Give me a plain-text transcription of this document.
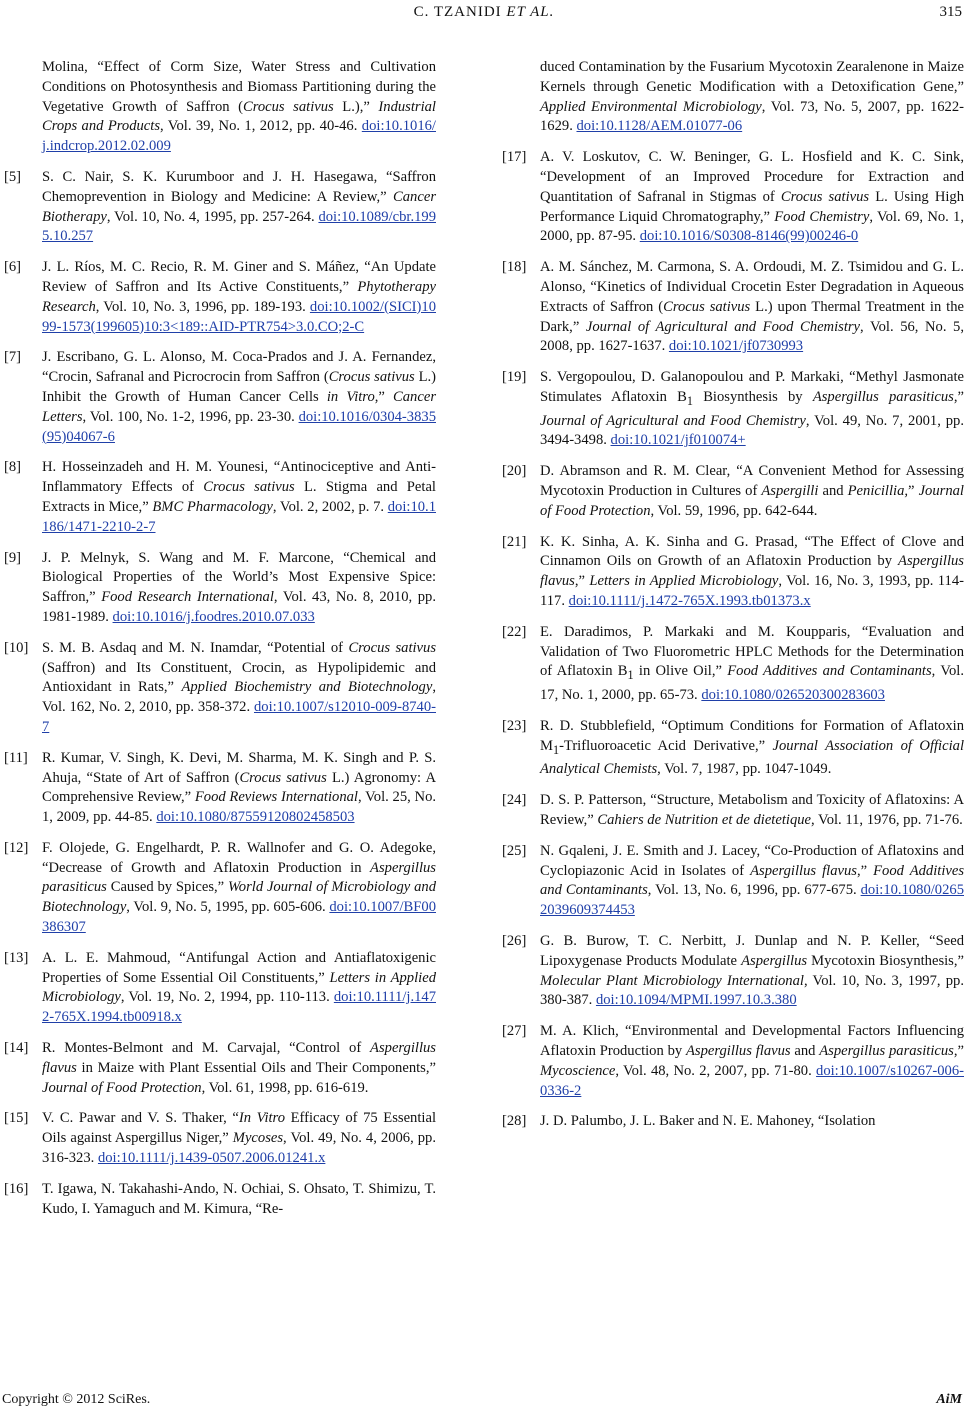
C. TZANIDI ET AL.	315
Molina, “Effect of Corm Size, Water Stress and Cultivation Conditions on Photosynthesis and Biomass Partitioning during the Vegetative Growth of Saffron (Crocus sativus L.),” Industrial Crops and Products, Vol. 39, No. 1, 2012, pp. 40-46. doi:10.1016/j.indcrop.2012.02.009
[5] S. C. Nair, S. K. Kurumboor and J. H. Hasegawa, “Saffron Chemoprevention in Biology and Medicine: A Review,” Cancer Biotherapy, Vol. 10, No. 4, 1995, pp. 257-264. doi:10.1089/cbr.1995.10.257
[6] J. L. Ríos, M. C. Recio, R. M. Giner and S. Máñez, “An Update Review of Saffron and Its Active Constituents,” Phytotherapy Research, Vol. 10, No. 3, 1996, pp. 189-193. doi:10.1002/(SICI)1099-1573(199605)10:3<189::AID-PTR754>3.0.CO;2-C
[7] J. Escribano, G. L. Alonso, M. Coca-Prados and J. A. Fernandez, “Crocin, Safranal and Picrocrocin from Saffron (Crocus sativus L.) Inhibit the Growth of Human Cancer Cells in Vitro,” Cancer Letters, Vol. 100, No. 1-2, 1996, pp. 23-30. doi:10.1016/0304-3835(95)04067-6
[8] H. Hosseinzadeh and H. M. Younesi, “Antinociceptive and Anti-Inflammatory Effects of Crocus sativus L. Stigma and Petal Extracts in Mice,” BMC Pharmacology, Vol. 2, 2002, p. 7. doi:10.1186/1471-2210-2-7
[9] J. P. Melnyk, S. Wang and M. F. Marcone, “Chemical and Biological Properties of the World’s Most Expensive Spice: Saffron,” Food Research International, Vol. 43, No. 8, 2010, pp. 1981-1989. doi:10.1016/j.foodres.2010.07.033
[10] S. M. B. Asdaq and M. N. Inamdar, “Potential of Crocus sativus (Saffron) and Its Constituent, Crocin, as Hypolipidemic and Antioxidant in Rats,” Applied Biochemistry and Biotechnology, Vol. 162, No. 2, 2010, pp. 358-372. doi:10.1007/s12010-009-8740-7
[11] R. Kumar, V. Singh, K. Devi, M. Sharma, M. K. Singh and P. S. Ahuja, “State of Art of Saffron (Crocus sativus L.) Agronomy: A Comprehensive Review,” Food Reviews International, Vol. 25, No. 1, 2009, pp. 44-85. doi:10.1080/87559120802458503
[12] F. Olojede, G. Engelhardt, P. R. Wallnofer and G. O. Adegoke, “Decrease of Growth and Aflatoxin Production in Aspergillus parasiticus Caused by Spices,” World Journal of Microbiology and Biotechnology, Vol. 9, No. 5, 1995, pp. 605-606. doi:10.1007/BF00386307
[13] A. L. E. Mahmoud, “Antifungal Action and Antiaflatoxigenic Properties of Some Essential Oil Constituents,” Letters in Applied Microbiology, Vol. 19, No. 2, 1994, pp. 110-113. doi:10.1111/j.1472-765X.1994.tb00918.x
[14] R. Montes-Belmont and M. Carvajal, “Control of Aspergillus flavus in Maize with Plant Essential Oils and Their Components,” Journal of Food Protection, Vol. 61, 1998, pp. 616-619.
[15] V. C. Pawar and V. S. Thaker, “In Vitro Efficacy of 75 Essential Oils against Aspergillus Niger,” Mycoses, Vol. 49, No. 4, 2006, pp. 316-323. doi:10.1111/j.1439-0507.2006.01241.x
[16] T. Igawa, N. Takahashi-Ando, N. Ochiai, S. Ohsato, T. Shimizu, T. Kudo, I. Yamaguch and M. Kimura, “Re-
duced Contamination by the Fusarium Mycotoxin Zearalenone in Maize Kernels through Genetic Modification with a Detoxification Gene,” Applied Environmental Microbiology, Vol. 73, No. 5, 2007, pp. 1622-1629. doi:10.1128/AEM.01077-06
[17] A. V. Loskutov, C. W. Beninger, G. L. Hosfield and K. C. Sink, “Development of an Improved Procedure for Extraction and Quantitation of Safranal in Stigmas of Crocus sativus L. Using High Performance Liquid Chromatography,” Food Chemistry, Vol. 69, No. 1, 2000, pp. 87-95. doi:10.1016/S0308-8146(99)00246-0
[18] A. M. Sánchez, M. Carmona, S. A. Ordoudi, M. Z. Tsimidou and G. L. Alonso, “Kinetics of Individual Crocetin Ester Degradation in Aqueous Extracts of Saffron (Crocus sativus L.) upon Thermal Treatment in the Dark,” Journal of Agricultural and Food Chemistry, Vol. 56, No. 5, 2008, pp. 1627-1637. doi:10.1021/jf0730993
[19] S. Vergopoulou, D. Galanopoulou and P. Markaki, “Methyl Jasmonate Stimulates Aflatoxin $B_1$ Biosynthesis by Aspergillus parasiticus,” Journal of Agricultural and Food Chemistry, Vol. 49, No. 7, 2001, pp. 3494-3498. doi:10.1021/jf010074+
[20] D. Abramson and R. M. Clear, “A Convenient Method for Assessing Mycotoxin Production in Cultures of Aspergilli and Penicillia,” Journal of Food Protection, Vol. 59, 1996, pp. 642-644.
[21] K. K. Sinha, A. K. Sinha and G. Prasad, “The Effect of Clove and Cinnamon Oils on Growth of an Aflatoxin Production by Aspergillus flavus,” Letters in Applied Microbiology, Vol. 16, No. 3, 1993, pp. 114-117. doi:10.1111/j.1472-765X.1993.tb01373.x
[22] E. Daradimos, P. Markaki and M. Koupparis, “Evaluation and Validation of Two Fluorometric HPLC Methods for the Determination of Aflatoxin $B_1$ in Olive Oil,” Food Additives and Contaminants, Vol. 17, No. 1, 2000, pp. 65-73. doi:10.1080/026520300283603
[23] R. D. Stubblefield, “Optimum Conditions for Formation of Aflatoxin $M_1$-Trifluoroacetic Acid Derivative,” Journal Association of Official Analytical Chemists, Vol. 7, 1987, pp. 1047-1049.
[24] D. S. P. Patterson, “Structure, Metabolism and Toxicity of Aflatoxins: A Review,” Cahiers de Nutrition et de dietetique, Vol. 11, 1976, pp. 71-76.
[25] N. Gqaleni, J. E. Smith and J. Lacey, “Co-Production of Aflatoxins and Cyclopiazonic Acid in Isolates of Aspergillus flavus,” Food Additives and Contaminants, Vol. 13, No. 6, 1996, pp. 677-675. doi:10.1080/02652039609374453
[26] G. B. Burow, T. C. Nerbitt, J. Dunlap and N. P. Keller, “Seed Lipoxygenase Products Modulate Aspergillus Mycotoxin Biosynthesis,” Molecular Plant Microbiology International, Vol. 10, No. 3, 1997, pp. 380-387. doi:10.1094/MPMI.1997.10.3.380
[27] M. A. Klich, “Environmental and Developmental Factors Influencing Aflatoxin Production by Aspergillus flavus and Aspergillus parasiticus,” Mycoscience, Vol. 48, No. 2, 2007, pp. 71-80. doi:10.1007/s10267-006-0336-2
[28] J. D. Palumbo, J. L. Baker and N. E. Mahoney, “Isolation
Copyright © 2012 SciRes.	AiM
